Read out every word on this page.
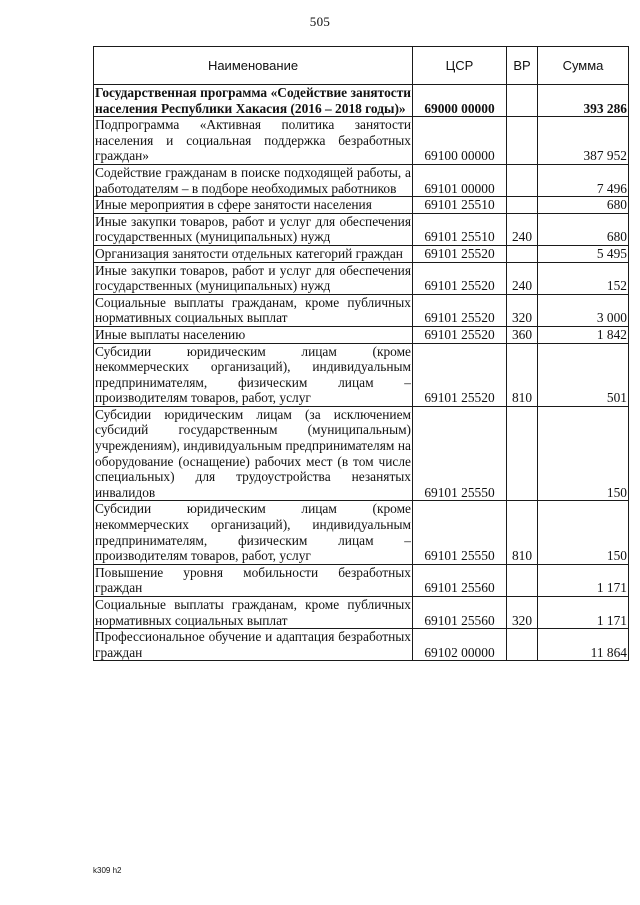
505
Наименование	ЦСР	ВР	Сумма
Государственная программа «Содействие занятости населения Республики Хакасия (2016 – 2018 годы)»	69000 00000		393 286
Подпрограмма «Активная политика занятости населения и социальная поддержка безработных граждан»	69100 00000		387 952
Содействие гражданам в поиске подходящей работы, а работодателям – в подборе необходимых работников	69101 00000		7 496
Иные мероприятия в сфере занятости населения	69101 25510		680
Иные закупки товаров, работ и услуг для обеспечения государственных (муниципальных) нужд	69101 25510	240	680
Организация занятости отдельных категорий граждан	69101 25520		5 495
Иные закупки товаров, работ и услуг для обеспечения государственных (муниципальных) нужд	69101 25520	240	152
Социальные выплаты гражданам, кроме публичных нормативных социальных выплат	69101 25520	320	3 000
Иные выплаты населению	69101 25520	360	1 842
Субсидии юридическим лицам (кроме некоммерческих организаций), индивидуальным предпринимателям, физическим лицам – производителям товаров, работ, услуг	69101 25520	810	501
Субсидии юридическим лицам (за исключением субсидий государственным (муниципальным) учреждениям), индивидуальным предпринимателям на оборудование (оснащение) рабочих мест (в том числе специальных) для трудоустройства незанятых инвалидов	69101 25550		150
Субсидии юридическим лицам (кроме некоммерческих организаций), индивидуальным предпринимателям, физическим лицам – производителям товаров, работ, услуг	69101 25550	810	150
Повышение уровня мобильности безработных граждан	69101 25560		1 171
Социальные выплаты гражданам, кроме публичных нормативных социальных выплат	69101 25560	320	1 171
Профессиональное обучение и адаптация безработных граждан	69102 00000		11 864
k309 h2
